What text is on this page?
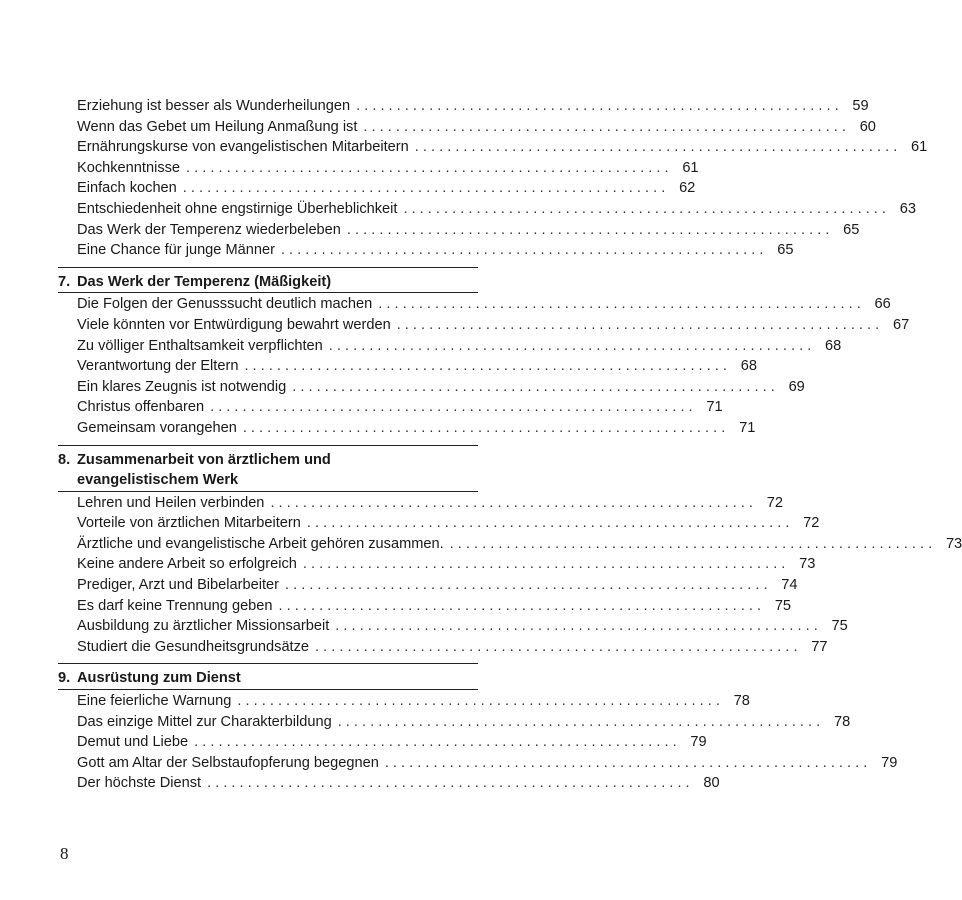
Erziehung ist besser als Wunderheilungen . . .	59
Wenn das Gebet um Heilung Anmaßung ist . . .	60
Ernährungskurse von evangelistischen Mitarbeitern . . .	61
Kochkenntnisse . . .	61
Einfach kochen . . .	62
Entschiedenheit ohne engstirnige Überheblichkeit . . .	63
Das Werk der Temperenz wiederbeleben . . .	65
Eine Chance für junge Männer . . .	65
7. Das Werk der Temperenz (Mäßigkeit)
Die Folgen der Genusssucht deutlich machen . . .	66
Viele könnten vor Entwürdigung bewahrt werden . . .	67
Zu völliger Enthaltsamkeit verpflichten . . .	68
Verantwortung der Eltern . . .	68
Ein klares Zeugnis ist notwendig . . .	69
Christus offenbaren . . .	71
Gemeinsam vorangehen . . .	71
8. Zusammenarbeit von ärztlichem und
evangelistischem Werk
Lehren und Heilen verbinden . . .	72
Vorteile von ärztlichen Mitarbeitern . . .	72
Ärztliche und evangelistische Arbeit gehören zusammen. . . .	73
Keine andere Arbeit so erfolgreich . . .	73
Prediger, Arzt und Bibelarbeiter . . .	74
Es darf keine Trennung geben . . .	75
Ausbildung zu ärztlicher Missionsarbeit . . .	75
Studiert die Gesundheitsgrundsätze . . .	77
9. Ausrüstung zum Dienst
Eine feierliche Warnung . . .	78
Das einzige Mittel zur Charakterbildung . . .	78
Demut und Liebe . . .	79
Gott am Altar der Selbstaufopferung begegnen . . .	79
Der höchste Dienst . . .	80
8
